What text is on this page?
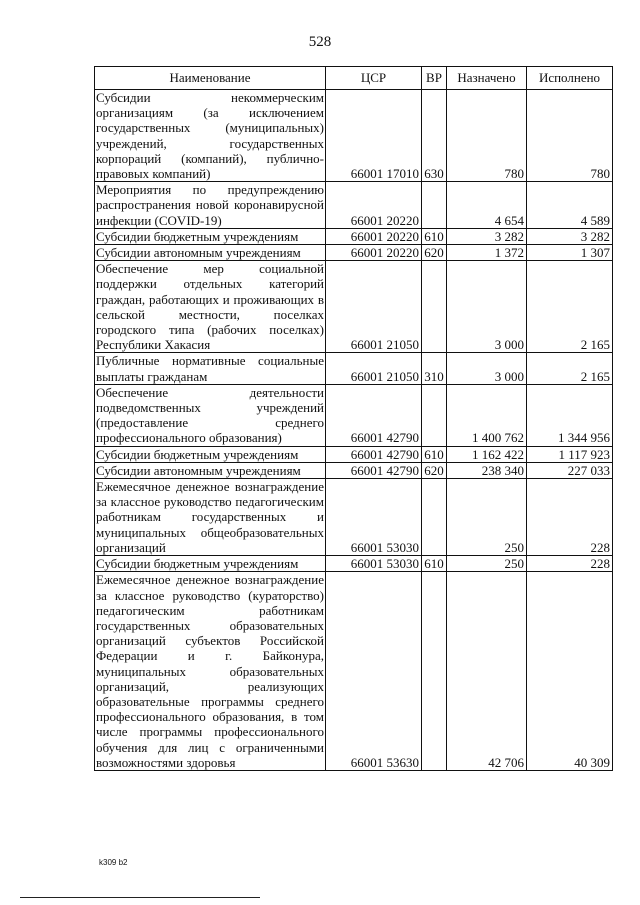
528
Наименование	ЦСР	ВР	Назначено	Исполнено
Субсидии некоммерческим организациям (за исключением государственных (муниципальных) учреждений, государственных корпораций (компаний), публично-правовых компаний)	66001 17010	630	780	780
Мероприятия по предупреждению распространения новой коронавирусной инфекции (COVID-19)	66001 20220		4 654	4 589
Субсидии бюджетным учреждениям	66001 20220	610	3 282	3 282
Субсидии автономным учреждениям	66001 20220	620	1 372	1 307
Обеспечение мер социальной поддержки отдельных категорий граждан, работающих и проживающих в сельской местности, поселках городского типа (рабочих поселках) Республики Хакасия	66001 21050		3 000	2 165
Публичные нормативные социальные выплаты гражданам	66001 21050	310	3 000	2 165
Обеспечение деятельности подведомственных учреждений (предоставление среднего профессионального образования)	66001 42790		1 400 762	1 344 956
Субсидии бюджетным учреждениям	66001 42790	610	1 162 422	1 117 923
Субсидии автономным учреждениям	66001 42790	620	238 340	227 033
Ежемесячное денежное вознаграждение за классное руководство педагогическим работникам государственных и муниципальных общеобразовательных организаций	66001 53030		250	228
Субсидии бюджетным учреждениям	66001 53030	610	250	228
Ежемесячное денежное вознаграждение за классное руководство (кураторство) педагогическим работникам государственных образовательных организаций субъектов Российской Федерации и г. Байконура, муниципальных образовательных организаций, реализующих образовательные программы среднего профессионального образования, в том числе программы профессионального обучения для лиц с ограниченными возможностями здоровья	66001 53630		42 706	40 309
k309 b2
